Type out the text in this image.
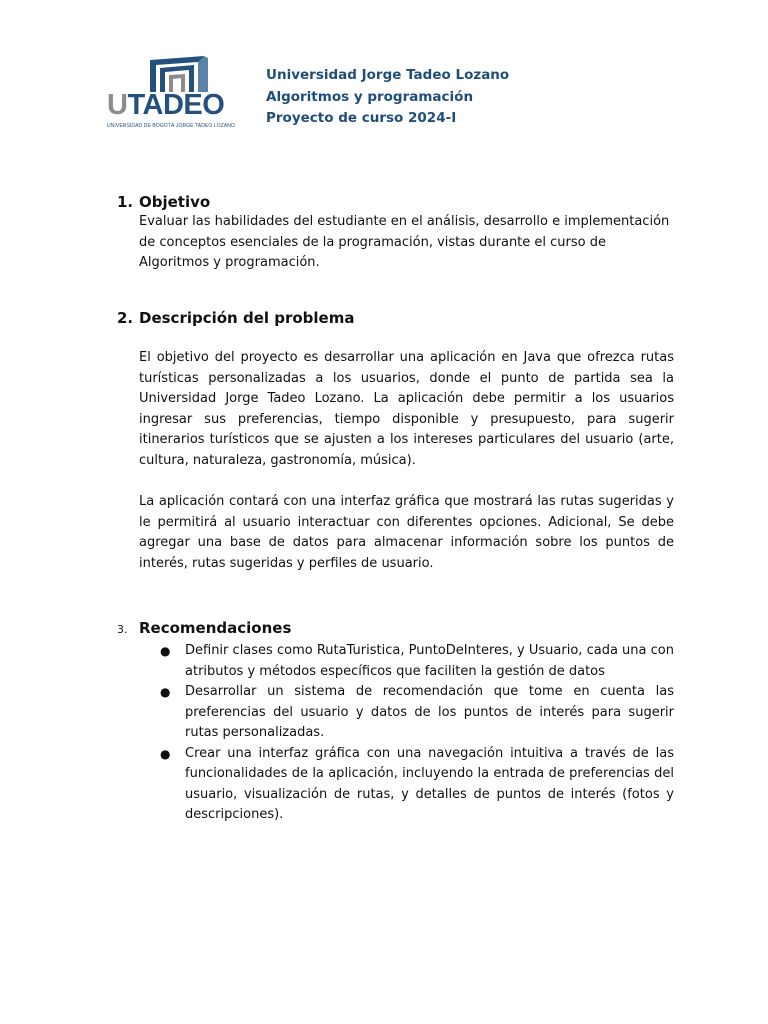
UTADEO
UNIVERSIDAD DE BOGOTÁ JORGE TADEO LOZANO
Universidad Jorge Tadeo Lozano
Algoritmos y programación
Proyecto de curso 2024-I
1. Objetivo
Evaluar las habilidades del estudiante en el análisis, desarrollo e implementación de conceptos esenciales de la programación, vistas durante el curso de Algoritmos y programación.
2. Descripción del problema
El objetivo del proyecto es desarrollar una aplicación en Java que ofrezca rutas turísticas personalizadas a los usuarios, donde el punto de partida sea la Universidad Jorge Tadeo Lozano. La aplicación debe permitir a los usuarios ingresar sus preferencias, tiempo disponible y presupuesto, para sugerir itinerarios turísticos que se ajusten a los intereses particulares del usuario (arte, cultura, naturaleza, gastronomía, música).
La aplicación contará con una interfaz gráfica que mostrará las rutas sugeridas y le permitirá al usuario interactuar con diferentes opciones. Adicional, Se debe agregar una base de datos para almacenar información sobre los puntos de interés, rutas sugeridas y perfiles de usuario.
3. Recomendaciones
● Definir clases como RutaTuristica, PuntoDeInteres, y Usuario, cada una con atributos y métodos específicos que faciliten la gestión de datos
● Desarrollar un sistema de recomendación que tome en cuenta las preferencias del usuario y datos de los puntos de interés para sugerir rutas personalizadas.
● Crear una interfaz gráfica con una navegación intuitiva a través de las funcionalidades de la aplicación, incluyendo la entrada de preferencias del usuario, visualización de rutas, y detalles de puntos de interés (fotos y descripciones).
